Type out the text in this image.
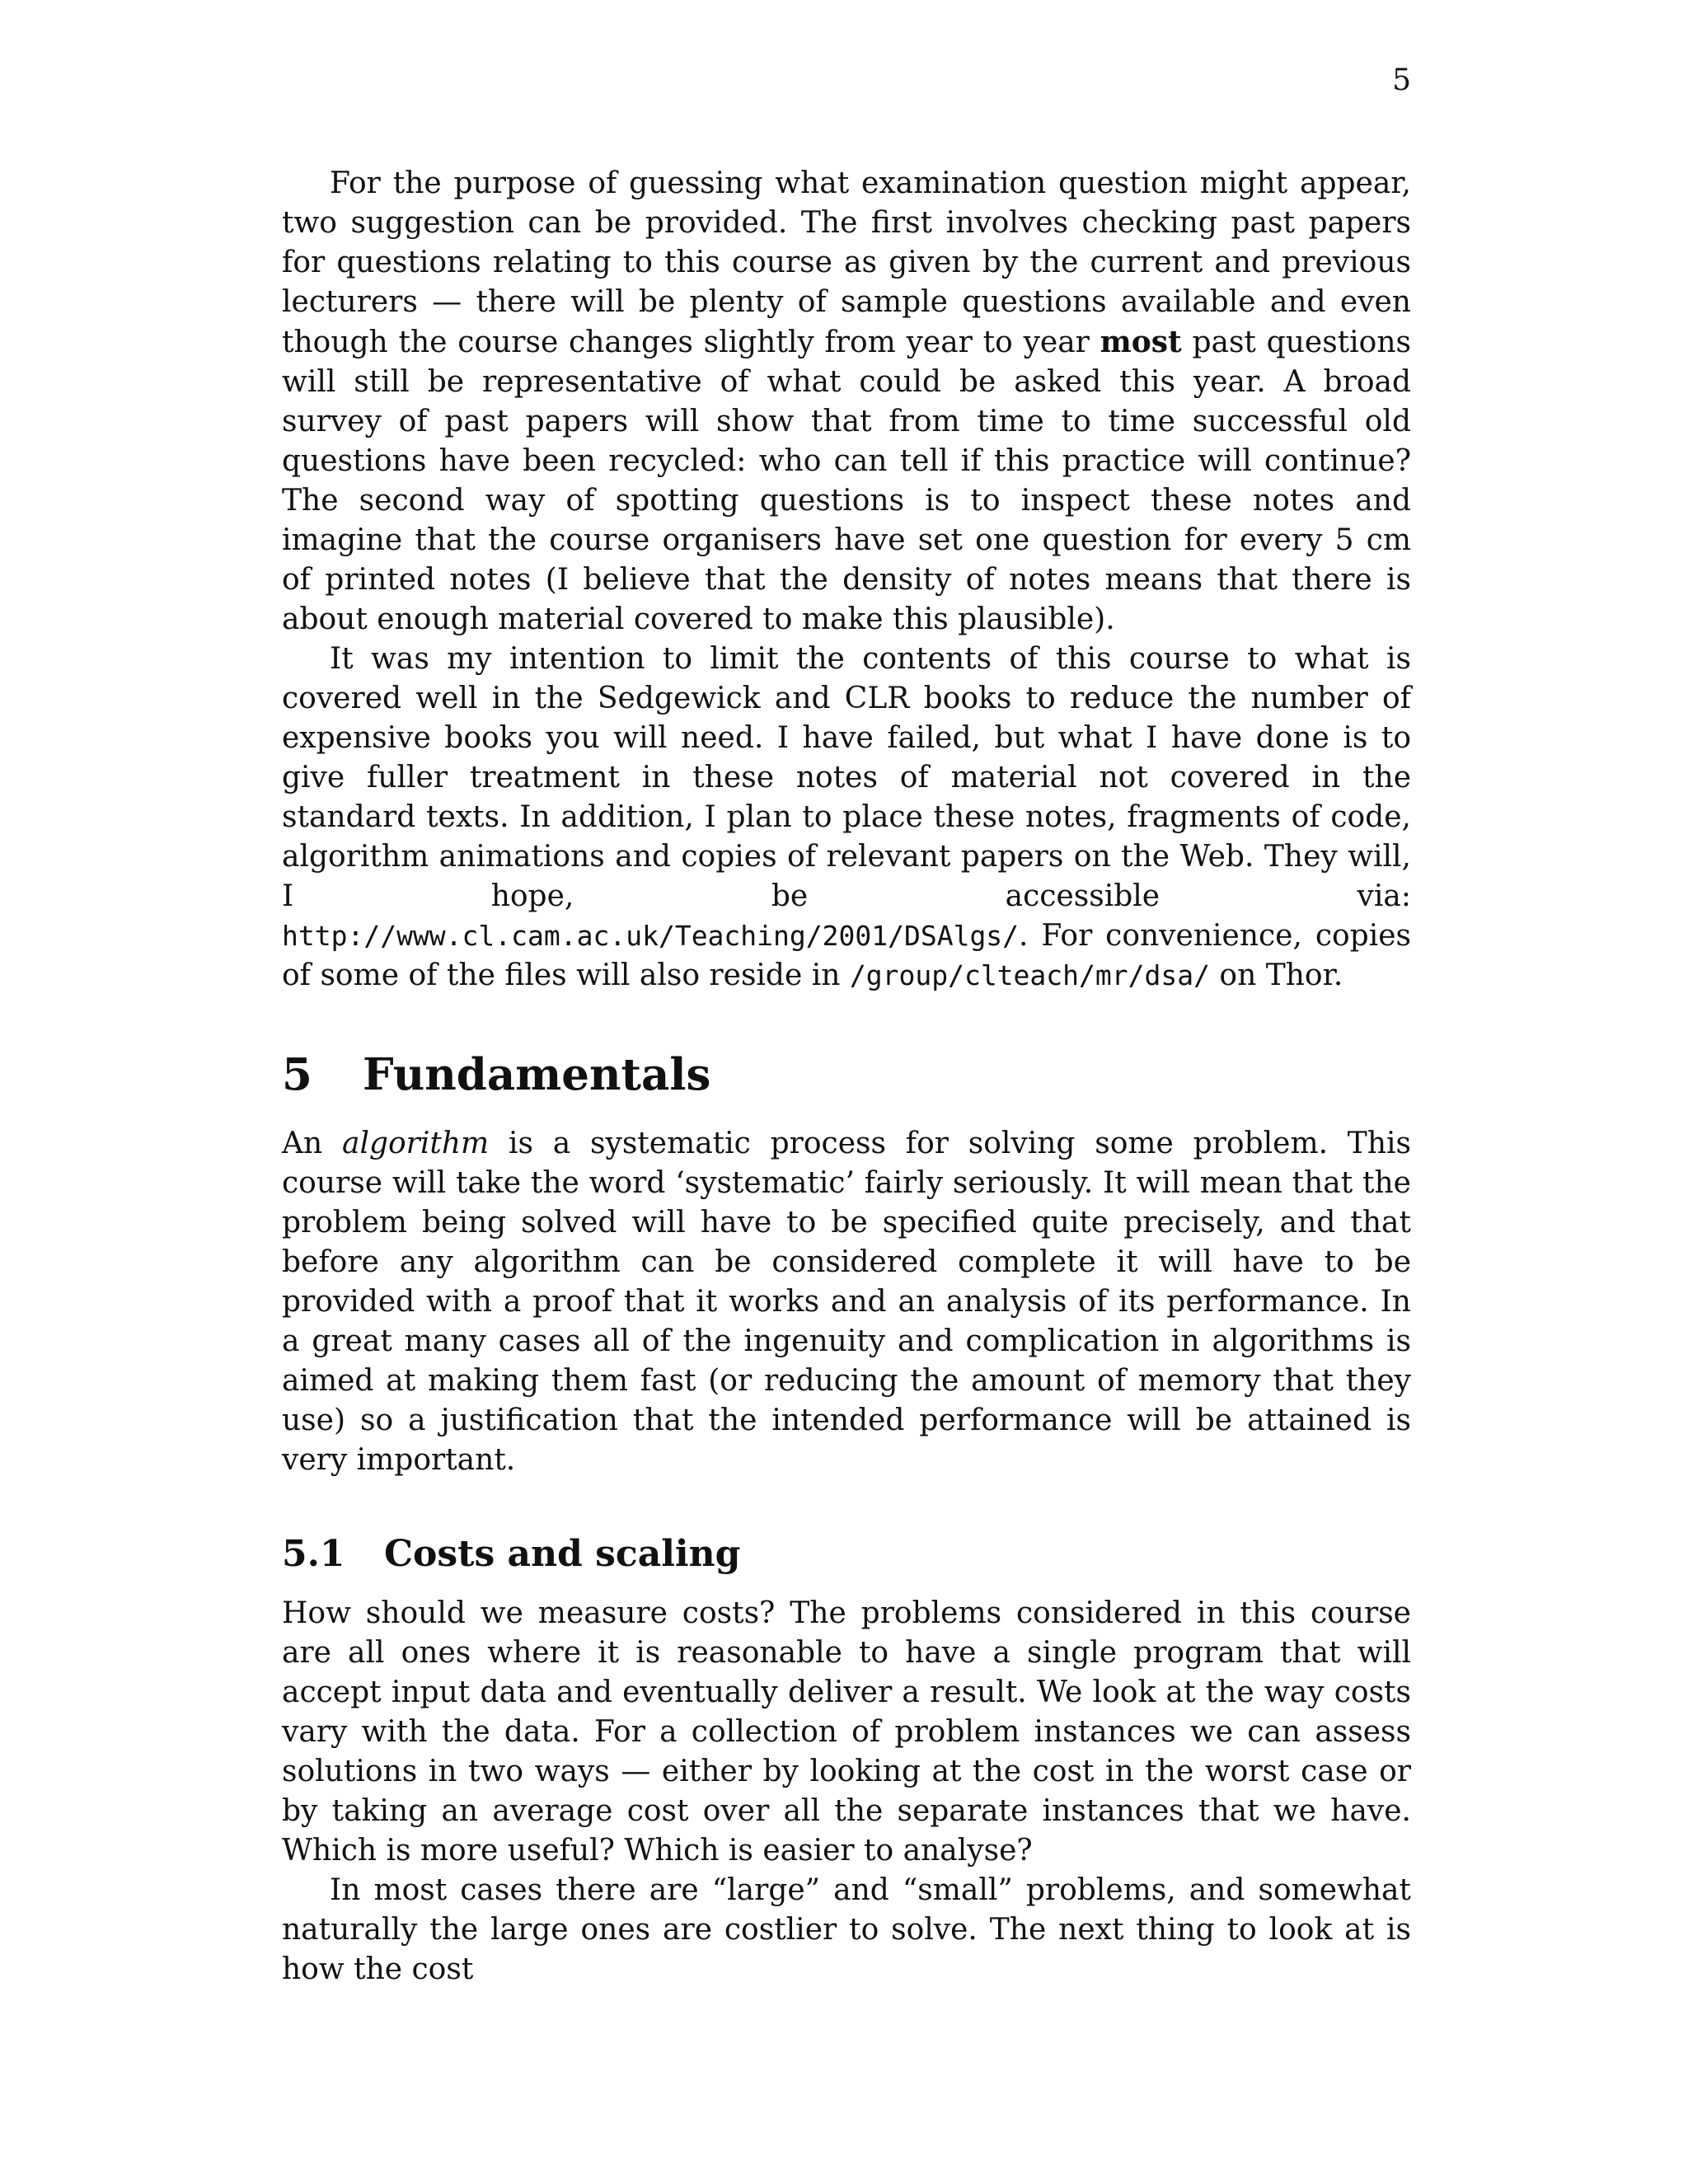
5

For the purpose of guessing what examination question might appear, two suggestion can be provided. The first involves checking past papers for questions relating to this course as given by the current and previous lecturers — there will be plenty of sample questions available and even though the course changes slightly from year to year most past questions will still be representative of what could be asked this year. A broad survey of past papers will show that from time to time successful old questions have been recycled: who can tell if this practice will continue? The second way of spotting questions is to inspect these notes and imagine that the course organisers have set one question for every 5 cm of printed notes (I believe that the density of notes means that there is about enough material covered to make this plausible).

It was my intention to limit the contents of this course to what is covered well in the Sedgewick and CLR books to reduce the number of expensive books you will need. I have failed, but what I have done is to give fuller treatment in these notes of material not covered in the standard texts. In addition, I plan to place these notes, fragments of code, algorithm animations and copies of relevant papers on the Web. They will, I hope, be accessible via: http://www.cl.cam.ac.uk/Teaching/2001/DSAlgs/. For convenience, copies of some of the files will also reside in /group/clteach/mr/dsa/ on Thor.

5	Fundamentals

An algorithm is a systematic process for solving some problem. This course will take the word ‘systematic’ fairly seriously. It will mean that the problem being solved will have to be specified quite precisely, and that before any algorithm can be considered complete it will have to be provided with a proof that it works and an analysis of its performance. In a great many cases all of the ingenuity and complication in algorithms is aimed at making them fast (or reducing the amount of memory that they use) so a justification that the intended performance will be attained is very important.

5.1	Costs and scaling

How should we measure costs? The problems considered in this course are all ones where it is reasonable to have a single program that will accept input data and eventually deliver a result. We look at the way costs vary with the data. For a collection of problem instances we can assess solutions in two ways — either by looking at the cost in the worst case or by taking an average cost over all the separate instances that we have. Which is more useful? Which is easier to analyse?

In most cases there are “large” and “small” problems, and somewhat naturally the large ones are costlier to solve. The next thing to look at is how the cost
